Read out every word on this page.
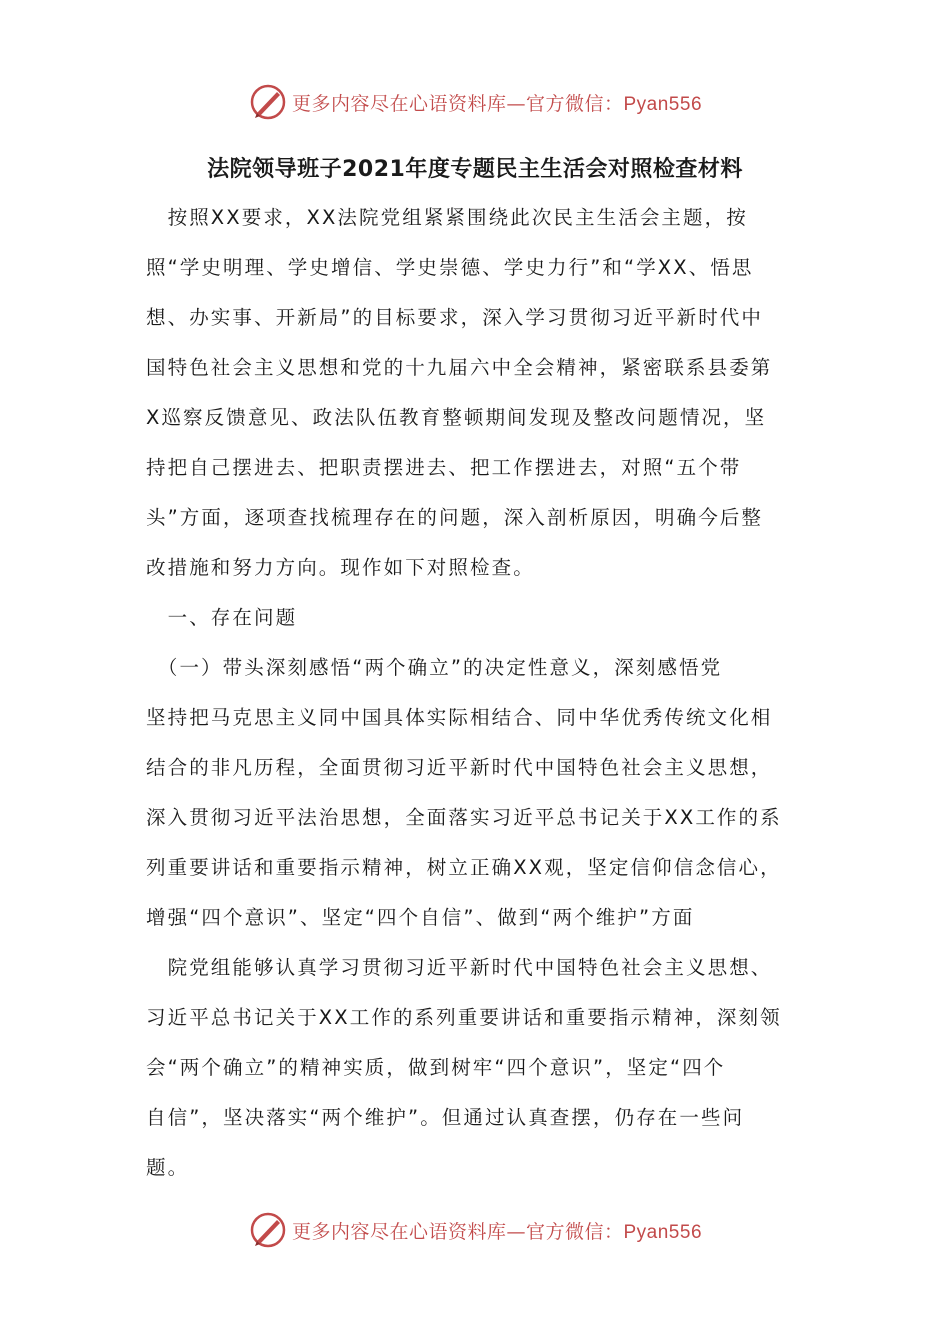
更多内容尽在心语资料库—官方微信：Pyan556
法院领导班子2021年度专题民主生活会对照检查材料
　按照XX要求，XX法院党组紧紧围绕此次民主生活会主题，按
照“学史明理、学史增信、学史崇德、学史力行”和“学XX、悟思
想、办实事、开新局”的目标要求，深入学习贯彻习近平新时代中
国特色社会主义思想和党的十九届六中全会精神，紧密联系县委第
X巡察反馈意见、政法队伍教育整顿期间发现及整改问题情况，坚
持把自己摆进去、把职责摆进去、把工作摆进去，对照“五个带
头”方面，逐项查找梳理存在的问题，深入剖析原因，明确今后整
改措施和努力方向。现作如下对照检查。
　一、存在问题
　（一）带头深刻感悟“两个确立”的决定性意义，深刻感悟党
坚持把马克思主义同中国具体实际相结合、同中华优秀传统文化相
结合的非凡历程，全面贯彻习近平新时代中国特色社会主义思想，
深入贯彻习近平法治思想，全面落实习近平总书记关于XX工作的系
列重要讲话和重要指示精神，树立正确XX观，坚定信仰信念信心，
增强“四个意识”、坚定“四个自信”、做到“两个维护”方面
　院党组能够认真学习贯彻习近平新时代中国特色社会主义思想、
习近平总书记关于XX工作的系列重要讲话和重要指示精神，深刻领
会“两个确立”的精神实质，做到树牢“四个意识”，坚定“四个
自信”，坚决落实“两个维护”。但通过认真查摆，仍存在一些问
题。
更多内容尽在心语资料库—官方微信：Pyan556
